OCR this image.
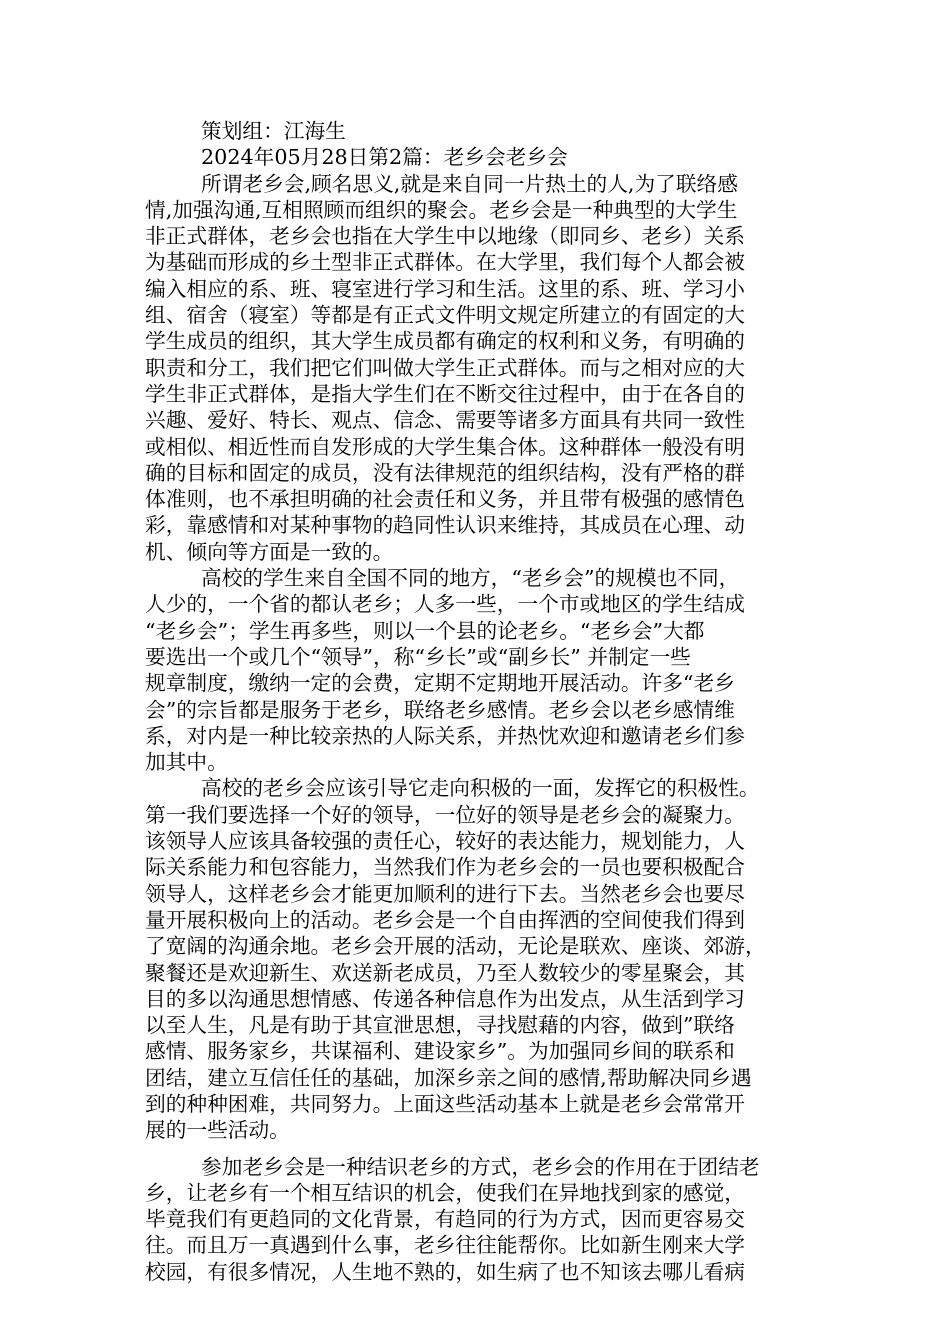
策划组：江海生
2024年05月28日第2篇：老乡会老乡会
所谓老乡会,顾名思义,就是来自同一片热土的人,为了联络感
情,加强沟通,互相照顾而组织的聚会。老乡会是一种典型的大学生
非正式群体，老乡会也指在大学生中以地缘（即同乡、老乡）关系
为基础而形成的乡土型非正式群体。在大学里，我们每个人都会被
编入相应的系、班、寝室进行学习和生活。这里的系、班、学习小
组、宿舍（寝室）等都是有正式文件明文规定所建立的有固定的大
学生成员的组织，其大学生成员都有确定的权利和义务，有明确的
职责和分工，我们把它们叫做大学生正式群体。而与之相对应的大
学生非正式群体，是指大学生们在不断交往过程中，由于在各自的
兴趣、爱好、特长、观点、信念、需要等诸多方面具有共同一致性
或相似、相近性而自发形成的大学生集合体。这种群体一般没有明
确的目标和固定的成员，没有法律规范的组织结构，没有严格的群
体准则，也不承担明确的社会责任和义务，并且带有极强的感情色
彩，靠感情和对某种事物的趋同性认识来维持，其成员在心理、动
机、倾向等方面是一致的。
高校的学生来自全国不同的地方，“老乡会”的规模也不同，
人少的，一个省的都认老乡；人多一些，一个市或地区的学生结成
“老乡会”；学生再多些，则以一个县的论老乡。“老乡会”大都
要选出一个或几个“领导”，称“乡长”或“副乡长” 并制定一些
规章制度，缴纳一定的会费，定期不定期地开展活动。许多“老乡
会”的宗旨都是服务于老乡，联络老乡感情。老乡会以老乡感情维
系，对内是一种比较亲热的人际关系，并热忱欢迎和邀请老乡们参
加其中。
高校的老乡会应该引导它走向积极的一面，发挥它的积极性。
第一我们要选择一个好的领导，一位好的领导是老乡会的凝聚力。
该领导人应该具备较强的责任心，较好的表达能力，规划能力，人
际关系能力和包容能力，当然我们作为老乡会的一员也要积极配合
领导人，这样老乡会才能更加顺利的进行下去。当然老乡会也要尽
量开展积极向上的活动。老乡会是一个自由挥洒的空间使我们得到
了宽阔的沟通余地。老乡会开展的活动，无论是联欢、座谈、郊游，
聚餐还是欢迎新生、欢送新老成员，乃至人数较少的零星聚会，其
目的多以沟通思想情感、传递各种信息作为出发点，从生活到学习
以至人生，凡是有助于其宣泄思想，寻找慰藉的内容，做到”联络
感情、服务家乡，共谋福利、建设家乡”。为加强同乡间的联系和
团结，建立互信任任的基础，加深乡亲之间的感情,帮助解决同乡遇
到的种种困难，共同努力。上面这些活动基本上就是老乡会常常开
展的一些活动。
参加老乡会是一种结识老乡的方式，老乡会的作用在于团结老
乡，让老乡有一个相互结识的机会，使我们在异地找到家的感觉，
毕竟我们有更趋同的文化背景，有趋同的行为方式，因而更容易交
往。而且万一真遇到什么事，老乡往往能帮你。比如新生刚来大学
校园，有很多情况，人生地不熟的，如生病了也不知该去哪儿看病
